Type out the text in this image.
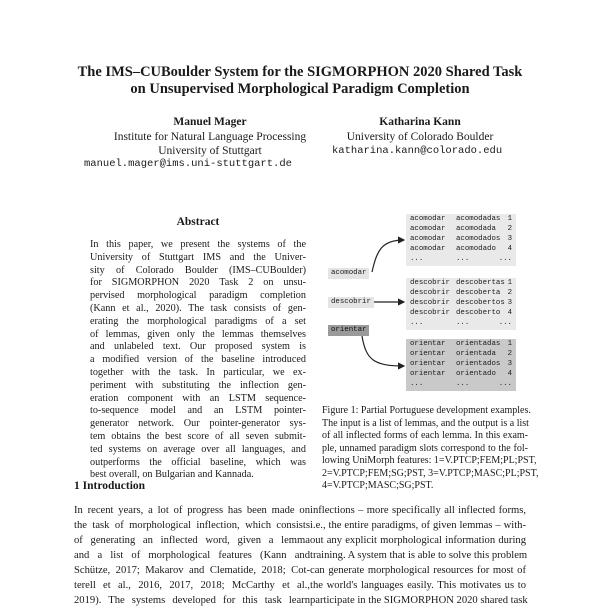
The IMS–CUBoulder System for the SIGMORPHON 2020 Shared Task
on Unsupervised Morphological Paradigm Completion
Manuel Mager
Institute for Natural Language Processing
University of Stuttgart
manuel.mager@ims.uni-stuttgart.de
Katharina Kann
University of Colorado Boulder
katharina.kann@colorado.edu
Abstract
In this paper, we present the systems of the
University of Stuttgart IMS and the Univer-
sity of Colorado Boulder (IMS–CUBoulder)
for SIGMORPHON 2020 Task 2 on unsu-
pervised morphological paradigm completion
(Kann et al., 2020). The task consists of gen-
erating the morphological paradigms of a set
of lemmas, given only the lemmas themselves
and unlabeled text. Our proposed system is
a modified version of the baseline introduced
together with the task. In particular, we ex-
periment with substituting the inflection gen-
eration component with an LSTM sequence-
to-sequence model and an LSTM pointer-
generator network. Our pointer-generator sys-
tem obtains the best score of all seven submit-
ted systems on average over all languages, and
outperforms the official baseline, which was
best overall, on Bulgarian and Kannada.
1 Introduction
In recent years, a lot of progress has been made on
the task of morphological inflection, which consists
of generating an inflected word, given a lemma
and a list of morphological features (Kann and
Schütze, 2017; Makarov and Clematide, 2018; Cot-
terell et al., 2016, 2017, 2018; McCarthy et al.,
2019). The systems developed for this task learn
inflections – more specifically all inflected forms,
i.e., the entire paradigms, of given lemmas – with-
out any explicit morphological information during
training. A system that is able to solve this problem
can generate morphological resources for most of
the world's languages easily. This motivates us to
participate in the SIGMORPHON 2020 shared task
acomodar
descobrir
orientar
acomodar acomodadas 1
acomodar acomodada 2
acomodar acomodados 3
acomodar acomodado 4
...	...	...
descobrir descobertas 1
descobrir descoberta 2
descobrir descobertos 3
descobrir descoberto 4
...	...	...
orientar orientadas 1
orientar orientada 2
orientar orientados 3
orientar orientado 4
...	...	...
Figure 1: Partial Portuguese development examples.
The input is a list of lemmas, and the output is a list
of all inflected forms of each lemma. In this exam-
ple, unnamed paradigm slots correspond to the fol-
lowing UniMorph features: 1=V.PTCP;FEM;PL;PST,
2=V.PTCP;FEM;SG;PST, 3=V.PTCP;MASC;PL;PST,
4=V.PTCP;MASC;SG;PST.
